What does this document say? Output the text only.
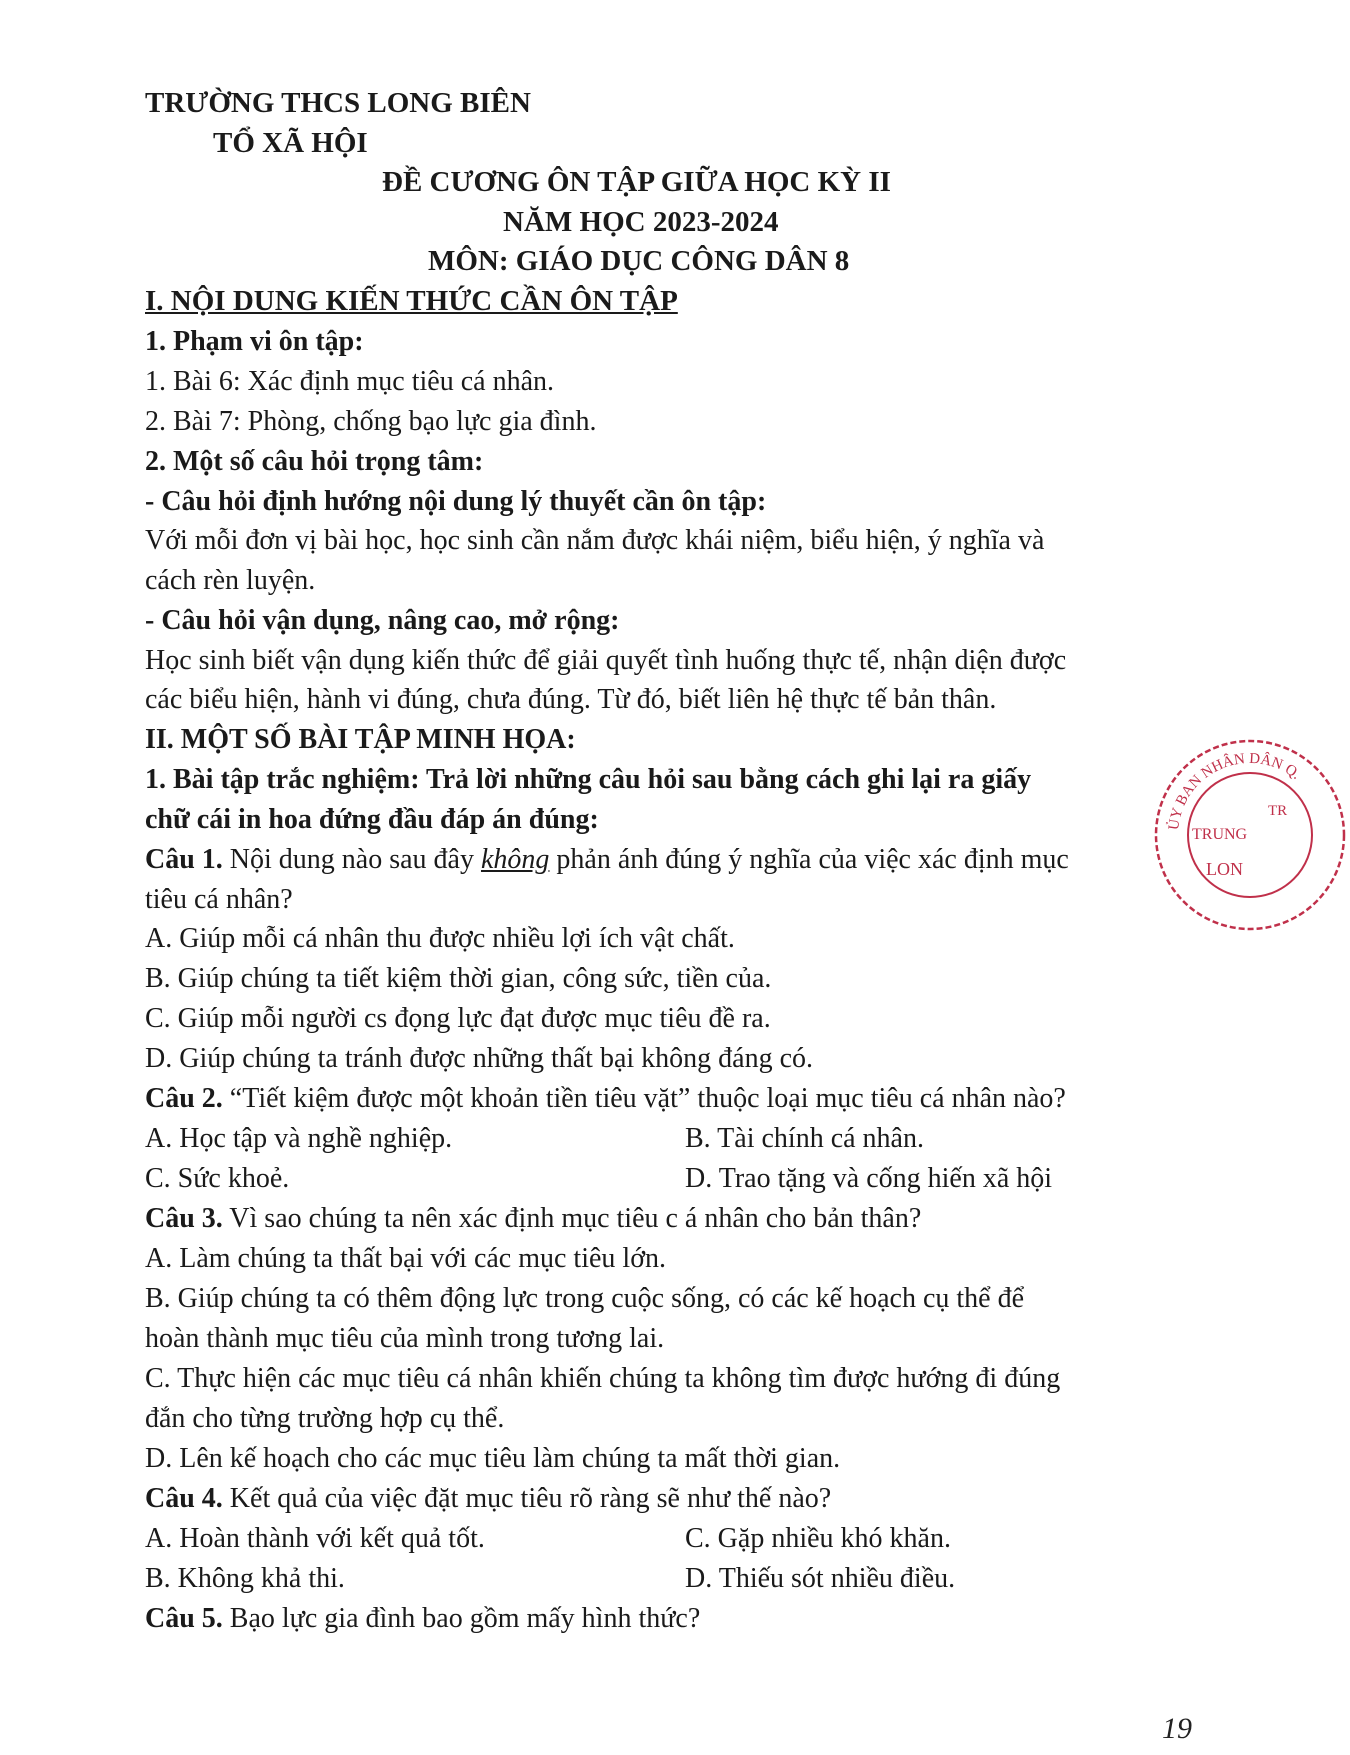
TRƯỜNG THCS LONG BIÊN
TỔ XÃ HỘI
ĐỀ CƯƠNG ÔN TẬP GIỮA HỌC KỲ II
NĂM HỌC 2023-2024
MÔN: GIÁO DỤC CÔNG DÂN 8
I. NỘI DUNG KIẾN THỨC CẦN ÔN TẬP
1. Phạm vi ôn tập:
1. Bài 6: Xác định mục tiêu cá nhân.
2. Bài 7: Phòng, chống bạo lực gia đình.
2. Một số câu hỏi trọng tâm:
- Câu hỏi định hướng nội dung lý thuyết cần ôn tập:
Với mỗi đơn vị bài học, học sinh cần nắm được khái niệm, biểu hiện, ý nghĩa và
cách rèn luyện.
- Câu hỏi vận dụng, nâng cao, mở rộng:
Học sinh biết vận dụng kiến thức để giải quyết tình huống thực tế, nhận diện được
các biểu hiện, hành vi đúng, chưa đúng. Từ đó, biết liên hệ thực tế bản thân.
II. MỘT SỐ BÀI TẬP MINH HỌA:
1. Bài tập trắc nghiệm: Trả lời những câu hỏi sau bằng cách ghi lại ra giấy
chữ cái in hoa đứng đầu đáp án đúng:
Câu 1. Nội dung nào sau đây không phản ánh đúng ý nghĩa của việc xác định mục
tiêu cá nhân?
A. Giúp mỗi cá nhân thu được nhiều lợi ích vật chất.
B. Giúp chúng ta tiết kiệm thời gian, công sức, tiền của.
C. Giúp mỗi người cs đọng lực đạt được mục tiêu đề ra.
D. Giúp chúng ta tránh được những thất bại không đáng có.
Câu 2. “Tiết kiệm được một khoản tiền tiêu vặt” thuộc loại mục tiêu cá nhân nào?
A. Học tập và nghề nghiệp.	B. Tài chính cá nhân.
C. Sức khoẻ.	D. Trao tặng và cống hiến xã hội
Câu 3. Vì sao chúng ta nên xác định mục tiêu c á nhân cho bản thân?
A. Làm chúng ta thất bại với các mục tiêu lớn.
B. Giúp chúng ta có thêm động lực trong cuộc sống, có các kế hoạch cụ thể để
hoàn thành mục tiêu của mình trong tương lai.
C. Thực hiện các mục tiêu cá nhân khiến chúng ta không tìm được hướng đi đúng
đắn cho từng trường hợp cụ thể.
D. Lên kế hoạch cho các mục tiêu làm chúng ta mất thời gian.
Câu 4. Kết quả của việc đặt mục tiêu rõ ràng sẽ như thế nào?
A. Hoàn thành với kết quả tốt.	C. Gặp nhiều khó khăn.
B. Không khả thi.	D. Thiếu sót nhiều điều.
Câu 5. Bạo lực gia đình bao gồm mấy hình thức?
ỦY BAN NHÂN DÂN Q.
TR
TRUNG
LON
19
